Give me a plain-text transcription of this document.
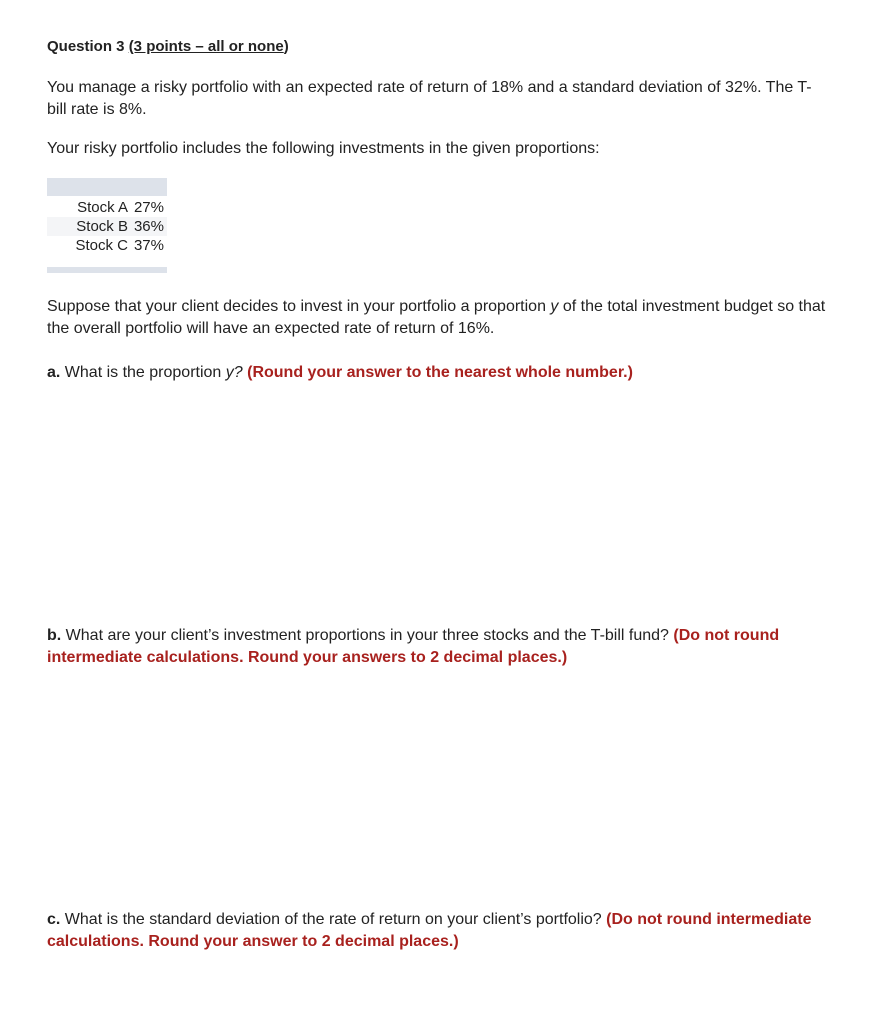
Question 3 (3 points – all or none)

You manage a risky portfolio with an expected rate of return of 18% and a standard deviation of 32%. The T-bill rate is 8%.

Your risky portfolio includes the following investments in the given proportions:

Stock A 27%
Stock B 36%
Stock C 37%

Suppose that your client decides to invest in your portfolio a proportion y of the total investment budget so that the overall portfolio will have an expected rate of return of 16%.

a. What is the proportion y? (Round your answer to the nearest whole number.)

b. What are your client’s investment proportions in your three stocks and the T-bill fund? (Do not round intermediate calculations. Round your answers to 2 decimal places.)

c. What is the standard deviation of the rate of return on your client’s portfolio? (Do not round intermediate calculations. Round your answer to 2 decimal places.)
